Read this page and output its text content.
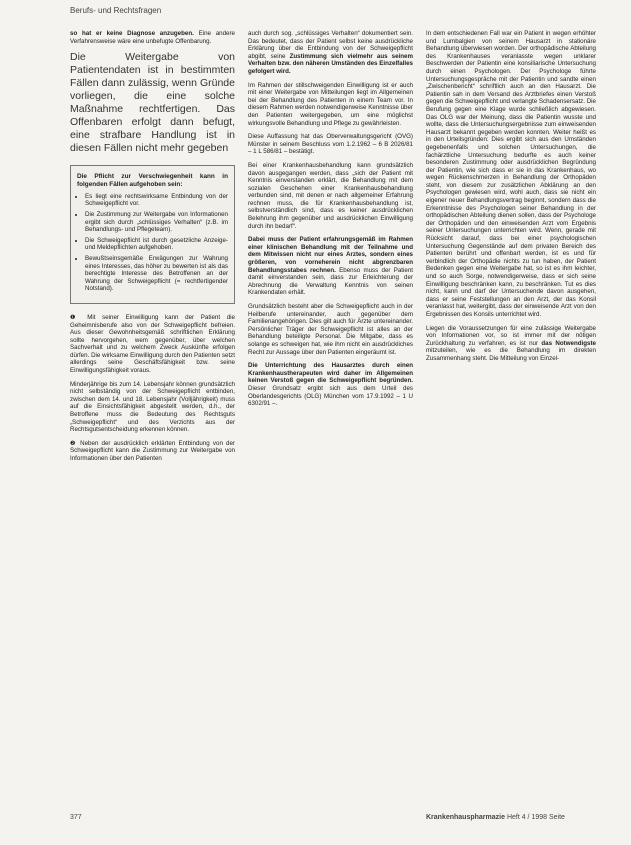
Berufs- und Rechtsfragen

so hat er keine Diagnose anzugeben. Eine andere Verfahrensweise wäre eine unbefugte Offenbarung.

Die Weitergabe von Patientendaten ist in bestimmten Fällen dann zulässig, wenn Gründe vorliegen, die eine solche Maßnahme rechtfertigen. Das Offenbaren erfolgt dann befugt, eine strafbare Handlung ist in diesen Fällen nicht mehr gegeben
Die Pflicht zur Verschwiegenheit kann in folgenden Fällen aufgehoben sein:
• Es liegt eine rechtswirksame Entbindung von der Schweigepflicht vor.
• Die Zustimmung zur Weitergabe von Informationen ergibt sich durch „schlüssiges Verhalten“ (z.B. im Behandlungs- und Pflegeteam).
• Die Schweigepflicht ist durch gesetzliche Anzeige- und Meldepflichten aufgehoben.
• Bewußtseinsgemäße Erwägungen zur Wahrung eines Interesses, das höher zu bewerten ist als das berechtigte Interesse des Betroffenen an der Wahrung der Schweigepflicht (= rechtfertigender Notstand).

❶ Mit seiner Einwilligung kann der Patient die Geheimnisberufe also von der Schweigepflicht befreien. Aus dieser Gewohnheitsgemäß schriftlichen Erklärung sollte hervorgehen, wem gegenüber, über welchen Sachverhalt und zu welchem Zweck Auskünfte erfolgen dürfen. Die wirksame Einwilligung durch den Patienten setzt allerdings seine Geschäftsfähigkeit bzw. seine Einwilligungsfähigkeit voraus.

Minderjährige bis zum 14. Lebensjahr können grundsätzlich nicht selbständig von der Schweigepflicht entbinden, zwischen dem 14. und 18. Lebensjahr (Volljährigkeit) muss auf die Einsichtsfähigkeit abgestellt werden, d.h., der Betroffene muss die Bedeutung des Rechtsguts „Schweigepflicht“ und des Verzichts aus der Rechtsgutsentscheidung erkennen können.

❷ Neben der ausdrücklich erklärten Entbindung von der Schweigepflicht kann die Zustimmung zur Weitergabe von Informationen über den Patienten

auch durch sog. „schlüssiges Verhalten“ dokumentiert sein. Das bedeutet, dass der Patient selbst keine ausdrückliche Erklärung über die Entbindung von der Schweigepflicht abgibt, seine Zustimmung sich vielmehr aus seinem Verhalten bzw. den näheren Umständen des Einzelfalles gefolgert wird.

Im Rahmen der stillschweigenden Einwilligung ist er auch mit einer Weitergabe von Mitteilungen liegt im Allgemeinen bei der Behandlung des Patienten in einem Team vor. In diesem Rahmen werden notwendigerweise Kenntnisse über den Patienten weitergegeben, um eine möglichst wirkungsvolle Behandlung und Pflege zu gewährleisten.

Diese Auffassung hat das Oberverwaltungsgericht (OVG) Münster in seinem Beschluss vom 1.2.1962 – 6 B 2026/81 – 1 L 586/81 – bestätigt.

Bei einer Krankenhausbehandlung kann grundsätzlich davon ausgegangen werden, dass „sich der Patient mit Kenntnis einverstanden erklärt, die Behandlung mit dem sozialen Geschehen einer Krankenhausbehandlung verbunden sind, mit denen er nach allgemeiner Erfahrung rechnen muss, die für Krankenhausbehandlung ist, selbstverständlich sind, dass es keiner ausdrücklichen Belehrung ihm gegenüber und ausdrücklichen Einwilligung durch ihn bedarf“.

Dabei muss der Patient erfahrungsgemäß im Rahmen einer klinischen Behandlung mit der Teilnahme und dem Mitwissen nicht nur eines Arztes, sondern eines größeren, von vorneherein nicht abgrenzbaren Behandlungsstabes rechnen. Ebenso muss der Patient damit einverstanden sein, dass zur Erleichterung der Abrechnung die Verwaltung Kenntnis von seinen Krankendaten erhält.

Grundsätzlich besteht aber die Schweigepflicht auch in der Heilberufe untereinander, auch gegenüber dem Familienangehörigen. Dies gilt auch für Ärzte untereinander. Persönlicher Träger der Schweigepflicht ist alles an der Behandlung beteiligte Personal. Die Mitgabe, dass es solange es schweigen hat, wie ihm nicht ein ausdrückliches Recht zur Aussage über den Patienten eingeräumt ist.

Die Unterrichtung des Hausarztes durch einen Krankenhaustherapeuten wird daher im Allgemeinen keinen Verstoß gegen die Schweigepflicht begründen. Dieser Grundsatz ergibt sich aus dem Urteil des Oberlandesgerichts (OLG) München vom 17.9.1992 – 1 U 6302/91 –.

In dem entschiedenen Fall war ein Patient in wegen erhöhter und Lumbalgien von seinem Hausarzt in stationäre Behandlung überwiesen worden. Der orthopädische Abteilung des Krankenhauses veranlasste wegen unklarer Beschwerden der Patientin eine konsiliarische Untersuchung durch einen Psychologen. Der Psychologe führte Untersuchungsgespräche mit der Patientin und sandte einen „Zwischenbericht“ schriftlich auch an den Hausarzt. Die Patientin sah in dem Versand des Arztbriefes einen Verstoß gegen die Schweigepflicht und verlangte Schadensersatz. Die Berufung gegen eine Klage wurde schließlich abgewiesen. Das OLG war der Meinung, dass die Patientin wusste und wollte, dass die Untersuchungsergebnisse zum einweisenden Hausarzt bekannt gegeben werden konnten. Weiter heißt es in den Urteilsgründen: Dies ergibt sich aus den Umständen gegebenenfalls und solchen Untersuchungen, die fachärztliche Untersuchung bedurfte es auch keiner besonderen Zustimmung oder ausdrücklichen Begründung der Patientin, wie sich dass er sie in das Krankenhaus, wo wegen Rückenschmerzen in Behandlung der Orthopäden steht, von diesem zur zusätzlichen Abklärung an den Psychologen gewiesen wird, wohl auch, dass sie nicht ein eigener neuer Behandlungsvertrag beginnt, sondern dass die Erkenntnisse des Psychologen seiner Behandlung in der orthopädischen Abteilung dienen sollen, dass der Psychologe der Orthopäden und den einweisenden Arzt vom Ergebnis seiner Untersuchungen unterrichten wird. Wenn, gerade mit Rücksicht darauf, dass bei einer psychologischen Untersuchung Gegenstände auf dem privaten Bereich des Patienten berührt und offenbart werden, ist es und für verbindlich der Orthopädie nichts zu tun haben, der Patient Bedenken gegen eine Weitergabe hat, so ist es ihm leichter, und so auch Sorge, notwendigerweise, dass er sich seine Einwilligung beschränken kann, zu beschränken. Tut es dies nicht, kann und darf der Untersuchende davon ausgehen, dass er seine Feststellungen an den Arzt, der das Konsil veranlasst hat, weitergibt, dass der einweisende Arzt von den Ergebnissen des Konsils unterrichtet wird.

Liegen die Voraussetzungen für eine zulässige Weitergabe von Informationen vor, so ist immer mit der nötigen Zurückhaltung zu verfahren, es ist nur das Notwendigste mitzuteilen, wie es die Behandlung im direkten Zusammenhang steht. Die Mitteilung von Einzel-

377	Krankenhauspharmazie Heft 4 / 1998 Seite
